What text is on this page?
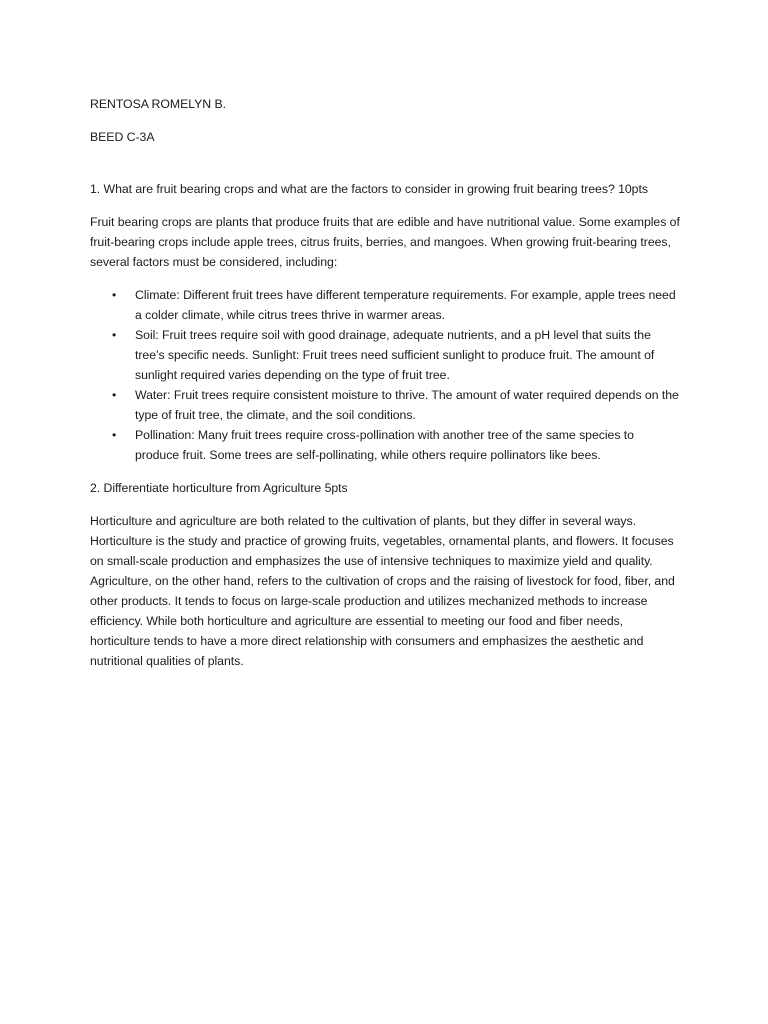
RENTOSA ROMELYN B.

BEED C-3A

1. What are fruit bearing crops and what are the factors to consider in growing fruit bearing trees? 10pts

Fruit bearing crops are plants that produce fruits that are edible and have nutritional value. Some examples of fruit-bearing crops include apple trees, citrus fruits, berries, and mangoes. When growing fruit-bearing trees, several factors must be considered, including:

• Climate: Different fruit trees have different temperature requirements. For example, apple trees need a colder climate, while citrus trees thrive in warmer areas.
• Soil: Fruit trees require soil with good drainage, adequate nutrients, and a pH level that suits the tree’s specific needs. Sunlight: Fruit trees need sufficient sunlight to produce fruit. The amount of sunlight required varies depending on the type of fruit tree.
• Water: Fruit trees require consistent moisture to thrive. The amount of water required depends on the type of fruit tree, the climate, and the soil conditions.
• Pollination: Many fruit trees require cross-pollination with another tree of the same species to produce fruit. Some trees are self-pollinating, while others require pollinators like bees.

2. Differentiate horticulture from Agriculture 5pts

Horticulture and agriculture are both related to the cultivation of plants, but they differ in several ways. Horticulture is the study and practice of growing fruits, vegetables, ornamental plants, and flowers. It focuses on small-scale production and emphasizes the use of intensive techniques to maximize yield and quality. Agriculture, on the other hand, refers to the cultivation of crops and the raising of livestock for food, fiber, and other products. It tends to focus on large-scale production and utilizes mechanized methods to increase efficiency. While both horticulture and agriculture are essential to meeting our food and fiber needs, horticulture tends to have a more direct relationship with consumers and emphasizes the aesthetic and nutritional qualities of plants.
